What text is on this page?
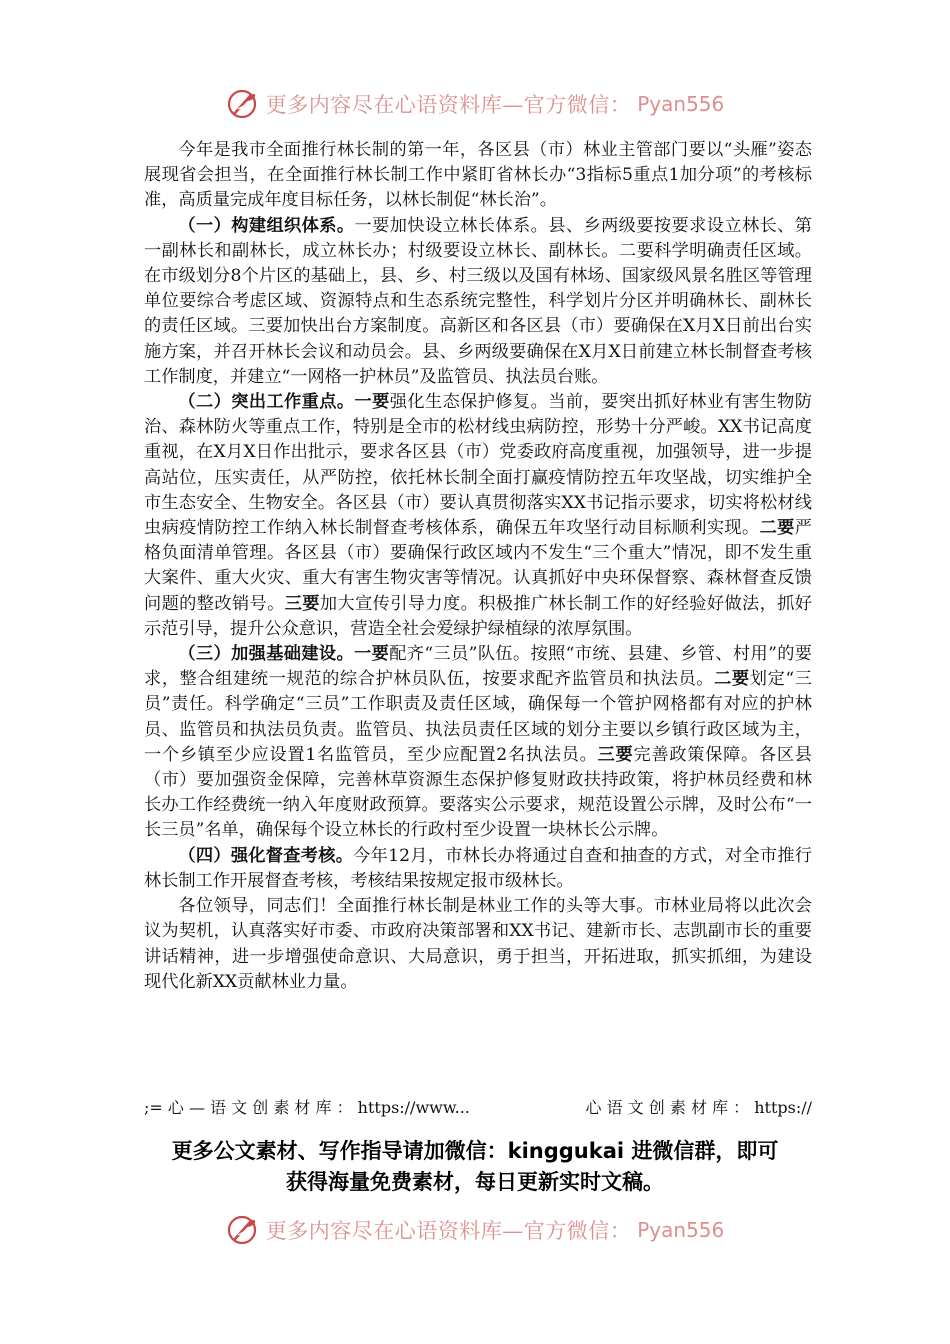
更多内容尽在心语资料库—官方微信： Pyan556

今年是我市全面推行林长制的第一年，各区县（市）林业主管部门要以“头雁”姿态展现省会担当，在全面推行林长制工作中紧盯省林长办“3指标5重点1加分项”的考核标准，高质量完成年度目标任务，以林长制促“林长治”。

（一）构建组织体系。一要加快设立林长体系。县、乡两级要按要求设立林长、第一副林长和副林长，成立林长办；村级要设立林长、副林长。二要科学明确责任区域。在市级划分8个片区的基础上，县、乡、村三级以及国有林场、国家级风景名胜区等管理单位要综合考虑区域、资源特点和生态系统完整性，科学划片分区并明确林长、副林长的责任区域。三要加快出台方案制度。高新区和各区县（市）要确保在X月X日前出台实施方案，并召开林长会议和动员会。县、乡两级要确保在X月X日前建立林长制督查考核工作制度，并建立“一网格一护林员”及监管员、执法员台账。

（二）突出工作重点。一要强化生态保护修复。当前，要突出抓好林业有害生物防治、森林防火等重点工作，特别是全市的松材线虫病防控，形势十分严峻。XX书记高度重视，在X月X日作出批示，要求各区县（市）党委政府高度重视，加强领导，进一步提高站位，压实责任，从严防控，依托林长制全面打赢疫情防控五年攻坚战，切实维护全市生态安全、生物安全。各区县（市）要认真贯彻落实XX书记指示要求，切实将松材线虫病疫情防控工作纳入林长制督查考核体系，确保五年攻坚行动目标顺利实现。二要严格负面清单管理。各区县（市）要确保行政区域内不发生“三个重大”情况，即不发生重大案件、重大火灾、重大有害生物灾害等情况。认真抓好中央环保督察、森林督查反馈问题的整改销号。三要加大宣传引导力度。积极推广林长制工作的好经验好做法，抓好示范引导，提升公众意识，营造全社会爱绿护绿植绿的浓厚氛围。

（三）加强基础建设。一要配齐“三员”队伍。按照“市统、县建、乡管、村用”的要求，整合组建统一规范的综合护林员队伍，按要求配齐监管员和执法员。二要划定“三员”责任。科学确定“三员”工作职责及责任区域，确保每一个管护网格都有对应的护林员、监管员和执法员负责。监管员、执法员责任区域的划分主要以乡镇行政区域为主，一个乡镇至少应设置1名监管员，至少应配置2名执法员。三要完善政策保障。各区县（市）要加强资金保障，完善林草资源生态保护修复财政扶持政策，将护林员经费和林长办工作经费统一纳入年度财政预算。要落实公示要求，规范设置公示牌，及时公布“一长三员”名单，确保每个设立林长的行政村至少设置一块林长公示牌。

（四）强化督查考核。今年12月，市林长办将通过自查和抽查的方式，对全市推行林长制工作开展督查考核，考核结果按规定报市级林长。

各位领导，同志们！全面推行林长制是林业工作的头等大事。市林业局将以此次会议为契机，认真落实好市委、市政府决策部署和XX书记、建新市长、志凯副市长的重要讲话精神，进一步增强使命意识、大局意识，勇于担当，开拓进取，抓实抓细，为建设现代化新XX贡献林业力量。

;= 心 — 语 文 创 素 材 库 ： https://www...	心 语 文 创 素 材 库 ： https://
更多公文素材、写作指导请加微信：kinggukai 进微信群，即可
获得海量免费素材，每日更新实时文稿。
更多内容尽在心语资料库—官方微信： Pyan556
